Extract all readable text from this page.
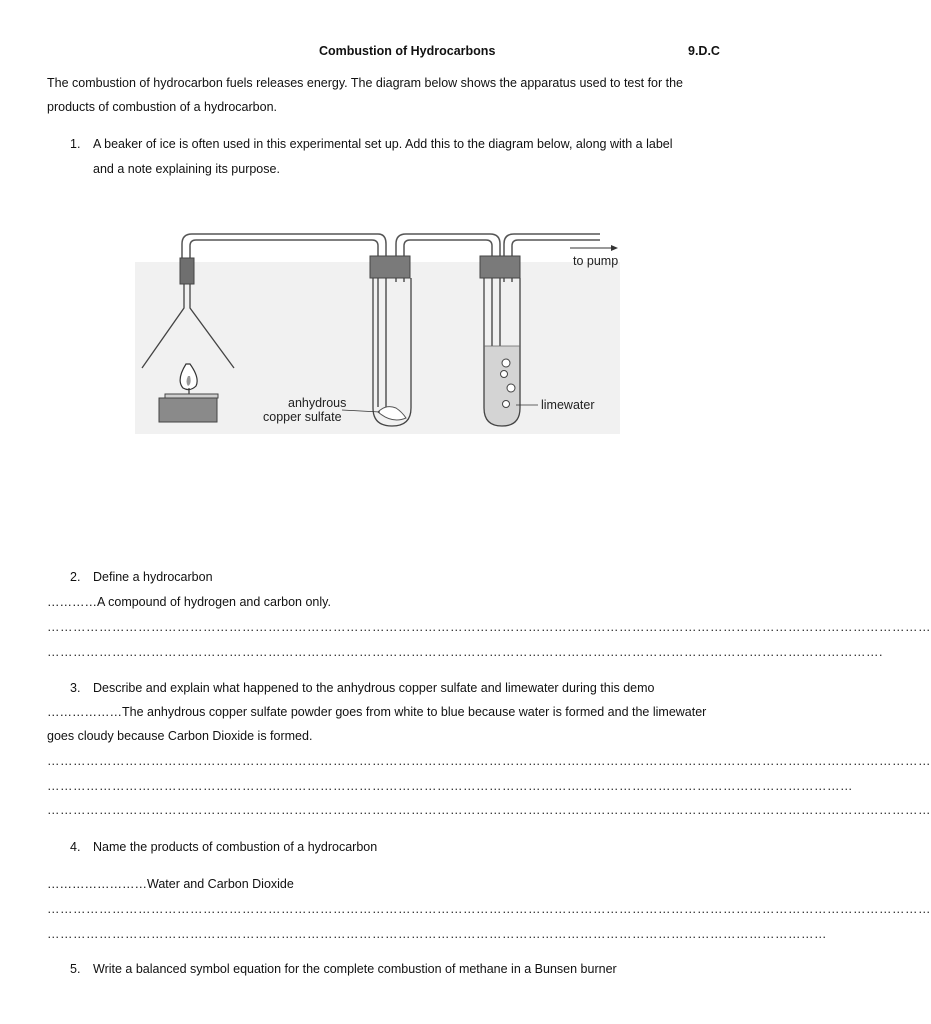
Combustion of Hydrocarbons	9.D.C
The combustion of hydrocarbon fuels releases energy. The diagram below shows the apparatus used to test for the
products of combustion of a hydrocarbon.
1. A beaker of ice is often used in this experimental set up. Add this to the diagram below, along with a label
and a note explaining its purpose.
to pump
anhydrous
copper sulfate
limewater
2. Define a hydrocarbon
…………A compound of hydrogen and carbon only.
……………………………………………………………………………………………………………………………………………………………………………………
………………………………………………………………………………………………………………………………………………………………………….
3. Describe and explain what happened to the anhydrous copper sulfate and limewater during this demo
………………The anhydrous copper sulfate powder goes from white to blue because water is formed and the limewater
goes cloudy because Carbon Dioxide is formed.
……………………………………………………………………………………………………………………………………………………………………………………
……………………………………………………………………………………………………………………………………………………………………
……………………………………………………………………………………………………………………………………………………………………………………
4. Name the products of combustion of a hydrocarbon
……………………Water and Carbon Dioxide
……………………………………………………………………………………………………………………………………………………………………………………
………………………………………………………………………………………………………………………………………………………………
5. Write a balanced symbol equation for the complete combustion of methane in a Bunsen burner
